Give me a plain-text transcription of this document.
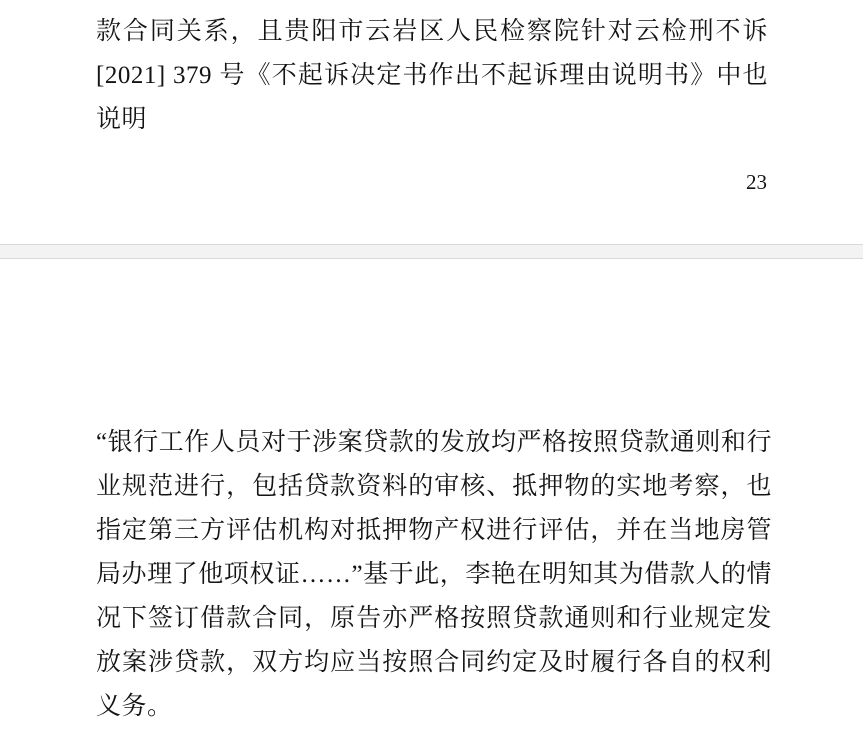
款合同关系，且贵阳市云岩区人民检察院针对云检刑不诉[2021] 379 号《不起诉决定书作出不起诉理由说明书》中也说明
23
“银行工作人员对于涉案贷款的发放均严格按照贷款通则和行业规范进行，包括贷款资料的审核、抵押物的实地考察，也指定第三方评估机构对抵押物产权进行评估，并在当地房管局办理了他项权证……”基于此，李艳在明知其为借款人的情况下签订借款合同，原告亦严格按照贷款通则和行业规定发放案涉贷款，双方均应当按照合同约定及时履行各自的权利义务。
